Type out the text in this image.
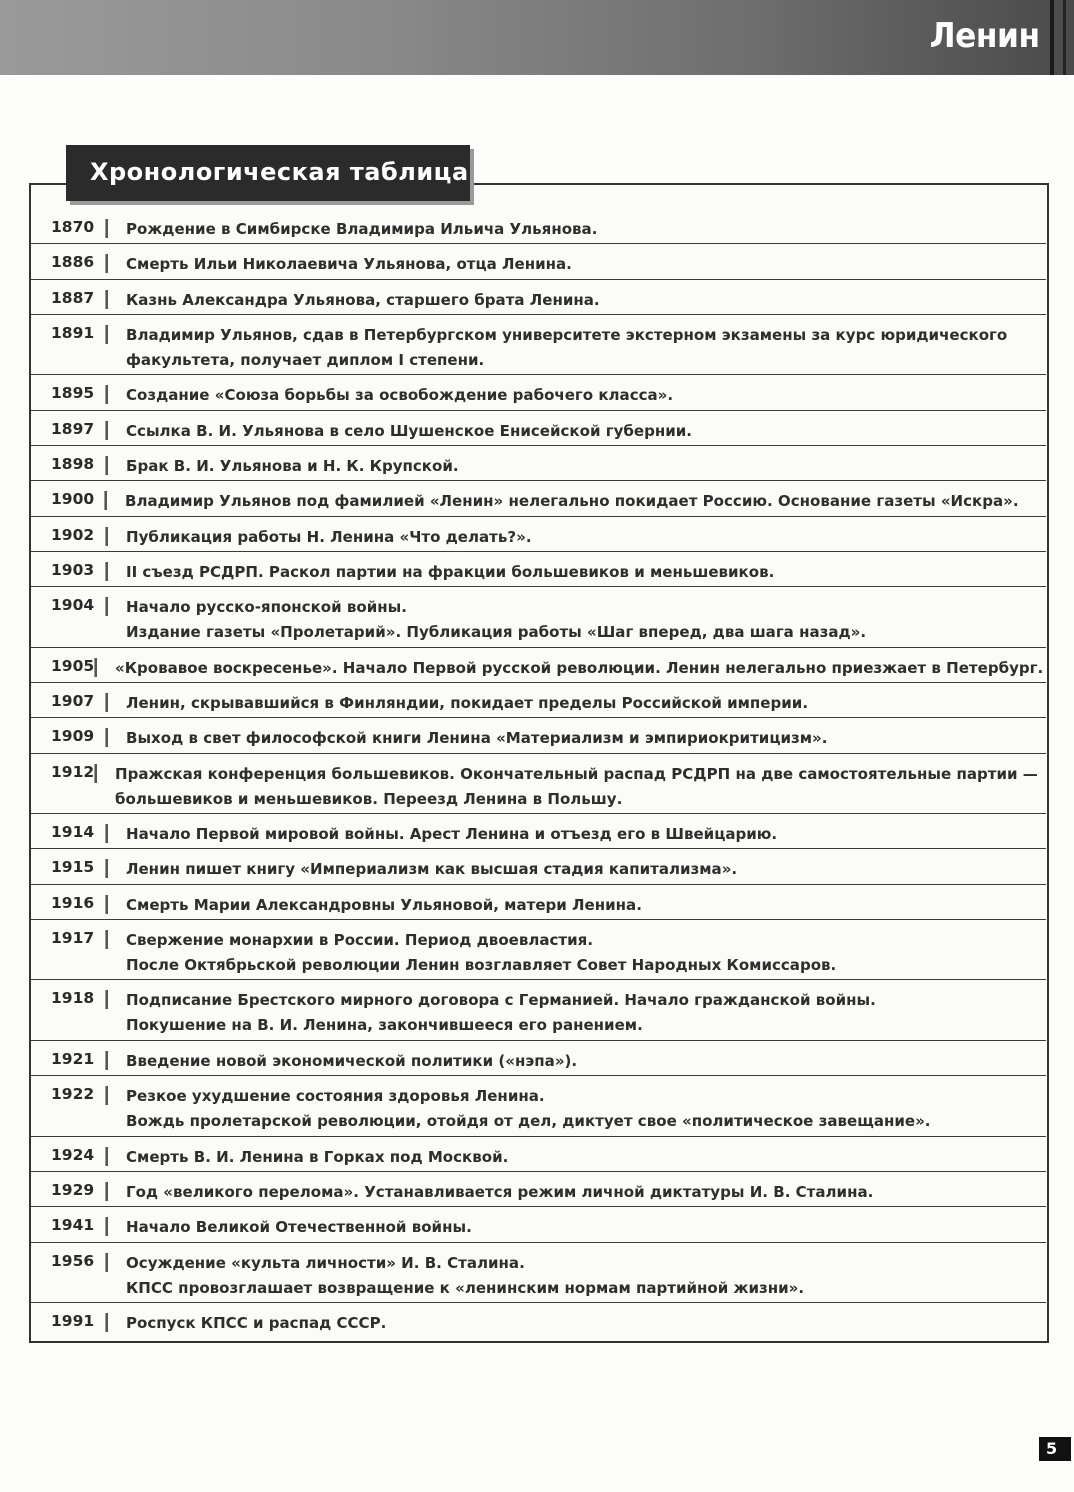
Ленин
1870	Рождение в Симбирске Владимира Ильича Ульянова.
1886	Смерть Ильи Николаевича Ульянова, отца Ленина.
1887	Казнь Александра Ульянова, старшего брата Ленина.
1891	Владимир Ульянов, сдав в Петербургском университете экстерном экзамены за курс юридического
факультета, получает диплом I степени.
1895	Создание «Союза борьбы за освобождение рабочего класса».
1897	Ссылка В. И. Ульянова в село Шушенское Енисейской губернии.
1898	Брак В. И. Ульянова и Н. К. Крупской.
1900	Владимир Ульянов под фамилией «Ленин» нелегально покидает Россию. Основание газеты «Искра».
1902	Публикация работы Н. Ленина «Что делать?».
1903	II съезд РСДРП. Раскол партии на фракции большевиков и меньшевиков.
1904	Начало русско-японской войны.
Издание газеты «Пролетарий». Публикация работы «Шаг вперед, два шага назад».
1905 «Кровавое воскресенье». Начало Первой русской революции. Ленин нелегально приезжает в Петербург.
1907	Ленин, скрывавшийся в Финляндии, покидает пределы Российской империи.
1909	Выход в свет философской книги Ленина «Материализм и эмпириокритицизм».
1912 Пражская конференция большевиков. Окончательный распад РСДРП на две самостоятельные партии —
большевиков и меньшевиков. Переезд Ленина в Польшу.
1914	Начало Первой мировой войны. Арест Ленина и отъезд его в Швейцарию.
1915	Ленин пишет книгу «Империализм как высшая стадия капитализма».
1916	Смерть Марии Александровны Ульяновой, матери Ленина.
1917	Свержение монархии в России. Период двоевластия.
После Октябрьской революции Ленин возглавляет Совет Народных Комиссаров.
1918	Подписание Брестского мирного договора с Германией. Начало гражданской войны.
Покушение на В. И. Ленина, закончившееся его ранением.
1921	Введение новой экономической политики («нэпа»).
1922	Резкое ухудшение состояния здоровья Ленина.
Вождь пролетарской революции, отойдя от дел, диктует свое «политическое завещание».
1924	Смерть В. И. Ленина в Горках под Москвой.
1929	Год «великого перелома». Устанавливается режим личной диктатуры И. В. Сталина.
1941	Начало Великой Отечественной войны.
1956	Осуждение «культа личности» И. В. Сталина.
КПСС провозглашает возвращение к «ленинским нормам партийной жизни».
1991	Роспуск КПСС и распад СССР.
Хронологическая таблица
5
